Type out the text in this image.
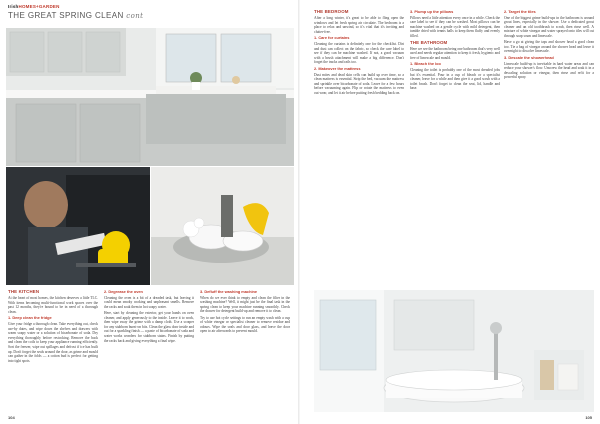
IrishHOMES+GARDEN
THE GREAT SPRING CLEAN cont
THE KITCHEN

At the heart of most homes, the kitchen deserves a little TLC. With items becoming multi-functional work spaces over the past 12 months, they're bound to be in need of a thorough clean.

1. Deep clean the fridge

Give your fridge a thorough clean. Take everything out, check use-by dates, and wipe down the shelves and drawers with warm soapy water or a solution of bicarbonate of soda. Dry everything thoroughly before restocking. Remove the back and clean the coils to keep your appliance running efficiently. Sort the freezer, wipe out spillages and defrost if ice has built up. Don't forget the seals around the door, as grime and mould can gather in the folds — a cotton bud is perfect for getting into tight spots.

2. Degrease the oven

Cleaning the oven is a bit of a dreaded task, but leaving it could mean smoky cooking and unpleasant smells. Remove the racks and soak them in hot soapy water.

Here, start by cleaning the exterior, get your hands on oven cleaner, and apply generously to the inside. Leave it to work, then wipe away the grime with a damp cloth. Use a scraper for any stubborn burnt-on bits. Clean the glass door inside and out for a sparkling finish — a paste of bicarbonate of soda and water works wonders for stubborn stains. Finish by putting the racks back and giving everything a final wipe.

3. Defluff the washing machine

When do we ever think to empty and clean the filter in the washing machine? Well, it might just be the final task in the spring clean to keep your machine running smoothly. Check the drawer for detergent build-up and remove it to clean.

Try to use hot cycle settings to run an empty wash with a cup of white vinegar or specialist cleaner to remove residue and odours. Wipe the seals and door glass, and leave the door open to air afterwards to prevent mould.

104
THE BEDROOM

After a long winter, it's great to be able to fling open the windows and let fresh spring air circulate. The bedroom is a place to relax and unwind, so it's vital that it's inviting and clutter-free.

1. Care for curtains

Cleaning the curtains is definitely one for the checklist. Dirt and dust can collect on the fabric, so check the care label to see if they can be machine washed. If not, a good vacuum with a brush attachment will make a big difference. Don't forget the tracks and rails too.

2. Makeover the mattress

Dust mites and dead skin cells can build up over time, so a clean mattress is essential. Strip the bed, vacuum the mattress and sprinkle over bicarbonate of soda. Leave for a few hours before vacuuming again. Flip or rotate the mattress to even out wear, and let it air before putting fresh bedding back on.

3. Plump up the pillows

Pillows need a little attention every once in a while. Check the care label to see if they can be washed. Most pillows can be machine washed on a gentle cycle with mild detergent, then tumble dried with tennis balls to keep them fluffy and evenly filled.

THE BATHROOM

Here we see the bathroom being one bathroom that's very well used and needs regular attention to keep it fresh, hygienic and free of limescale and mould.

1. Bleach the loo

Cleaning the toilet is probably one of the most dreaded jobs but it's essential. Pour in a cup of bleach or a specialist cleaner, leave for a while and then give it a good scrub with a toilet brush. Don't forget to clean the seat, lid, handle and base.

2. Target the tiles

One of the biggest grime build-ups in the bathroom is around grout lines, especially in the shower. Use a dedicated grout cleaner and an old toothbrush to scrub, then rinse well. A mixture of white vinegar and water sprayed onto tiles will cut through soap scum and limescale.

Have a go at giving the taps and shower head a good clean too. Tie a bag of vinegar around the shower head and leave it overnight to dissolve limescale.

3. Descale the showerhead

Limescale build-up is inevitable in hard water areas and can reduce your shower's flow. Unscrew the head and soak it in a descaling solution or vinegar, then rinse and refit for a powerful spray.

105
